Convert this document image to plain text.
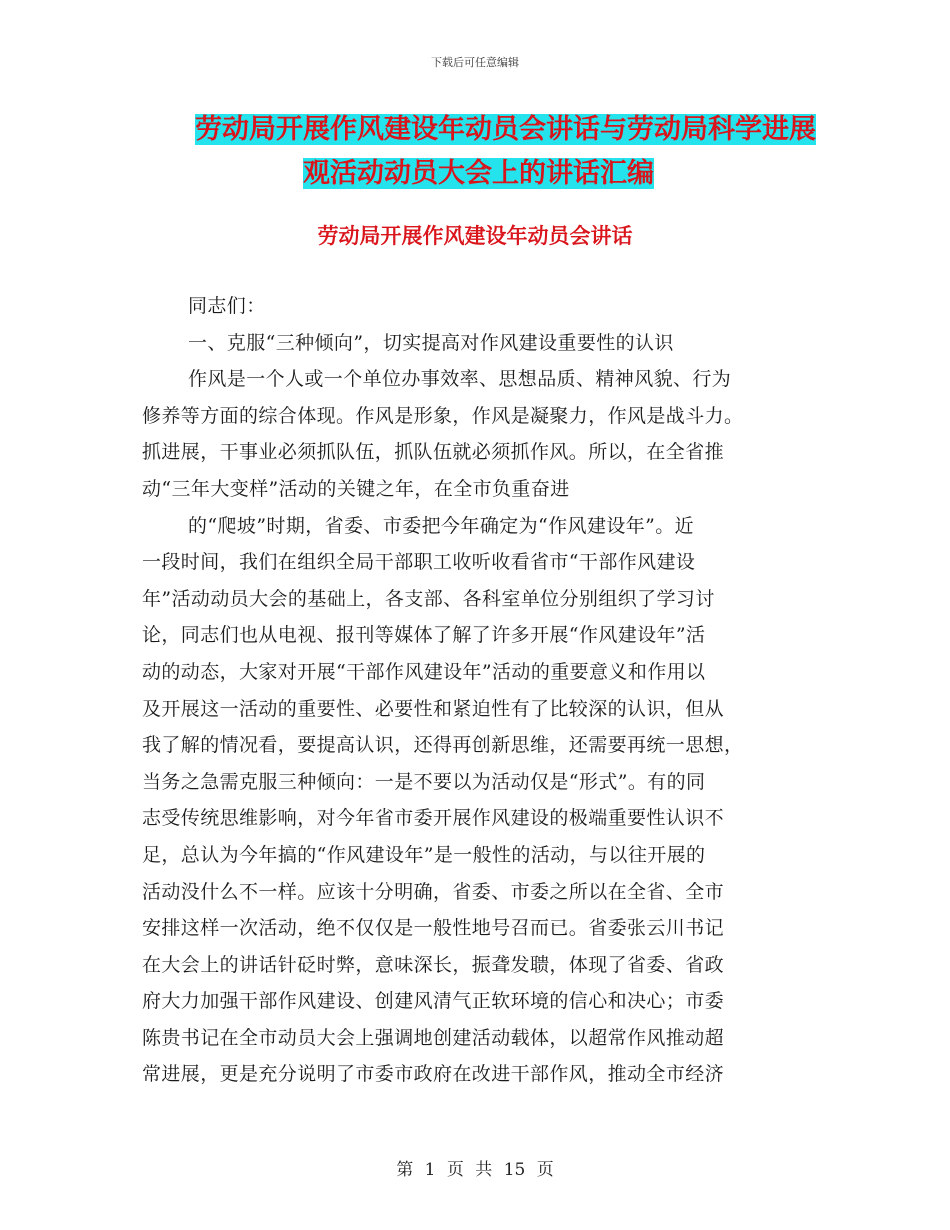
下载后可任意编辑
劳动局开展作风建设年动员会讲话与劳动局科学进展
观活动动员大会上的讲话汇编
劳动局开展作风建设年动员会讲话

同志们：

一、克服“三种倾向”，切实提高对作风建设重要性的认识

作风是一个人或一个单位办事效率、思想品质、精神风貌、行为

修养等方面的综合体现。作风是形象，作风是凝聚力，作风是战斗力。

抓进展，干事业必须抓队伍，抓队伍就必须抓作风。所以，在全省推

动“三年大变样”活动的关键之年，在全市负重奋进

的“爬坡”时期，省委、市委把今年确定为“作风建设年”。近

一段时间，我们在组织全局干部职工收听收看省市“干部作风建设

年”活动动员大会的基础上，各支部、各科室单位分别组织了学习讨

论，同志们也从电视、报刊等媒体了解了许多开展“作风建设年”活

动的动态，大家对开展“干部作风建设年”活动的重要意义和作用以

及开展这一活动的重要性、必要性和紧迫性有了比较深的认识，但从

我了解的情况看，要提高认识，还得再创新思维，还需要再统一思想，

当务之急需克服三种倾向：一是不要以为活动仅是“形式”。有的同

志受传统思维影响，对今年省市委开展作风建设的极端重要性认识不

足，总认为今年搞的“作风建设年”是一般性的活动，与以往开展的

活动没什么不一样。应该十分明确，省委、市委之所以在全省、全市

安排这样一次活动，绝不仅仅是一般性地号召而已。省委张云川书记

在大会上的讲话针砭时弊，意味深长，振聋发聩，体现了省委、省政

府大力加强干部作风建设、创建风清气正软环境的信心和决心；市委

陈贵书记在全市动员大会上强调地创建活动载体，以超常作风推动超

常进展，更是充分说明了市委市政府在改进干部作风，推动全市经济

第 1 页 共 15 页
